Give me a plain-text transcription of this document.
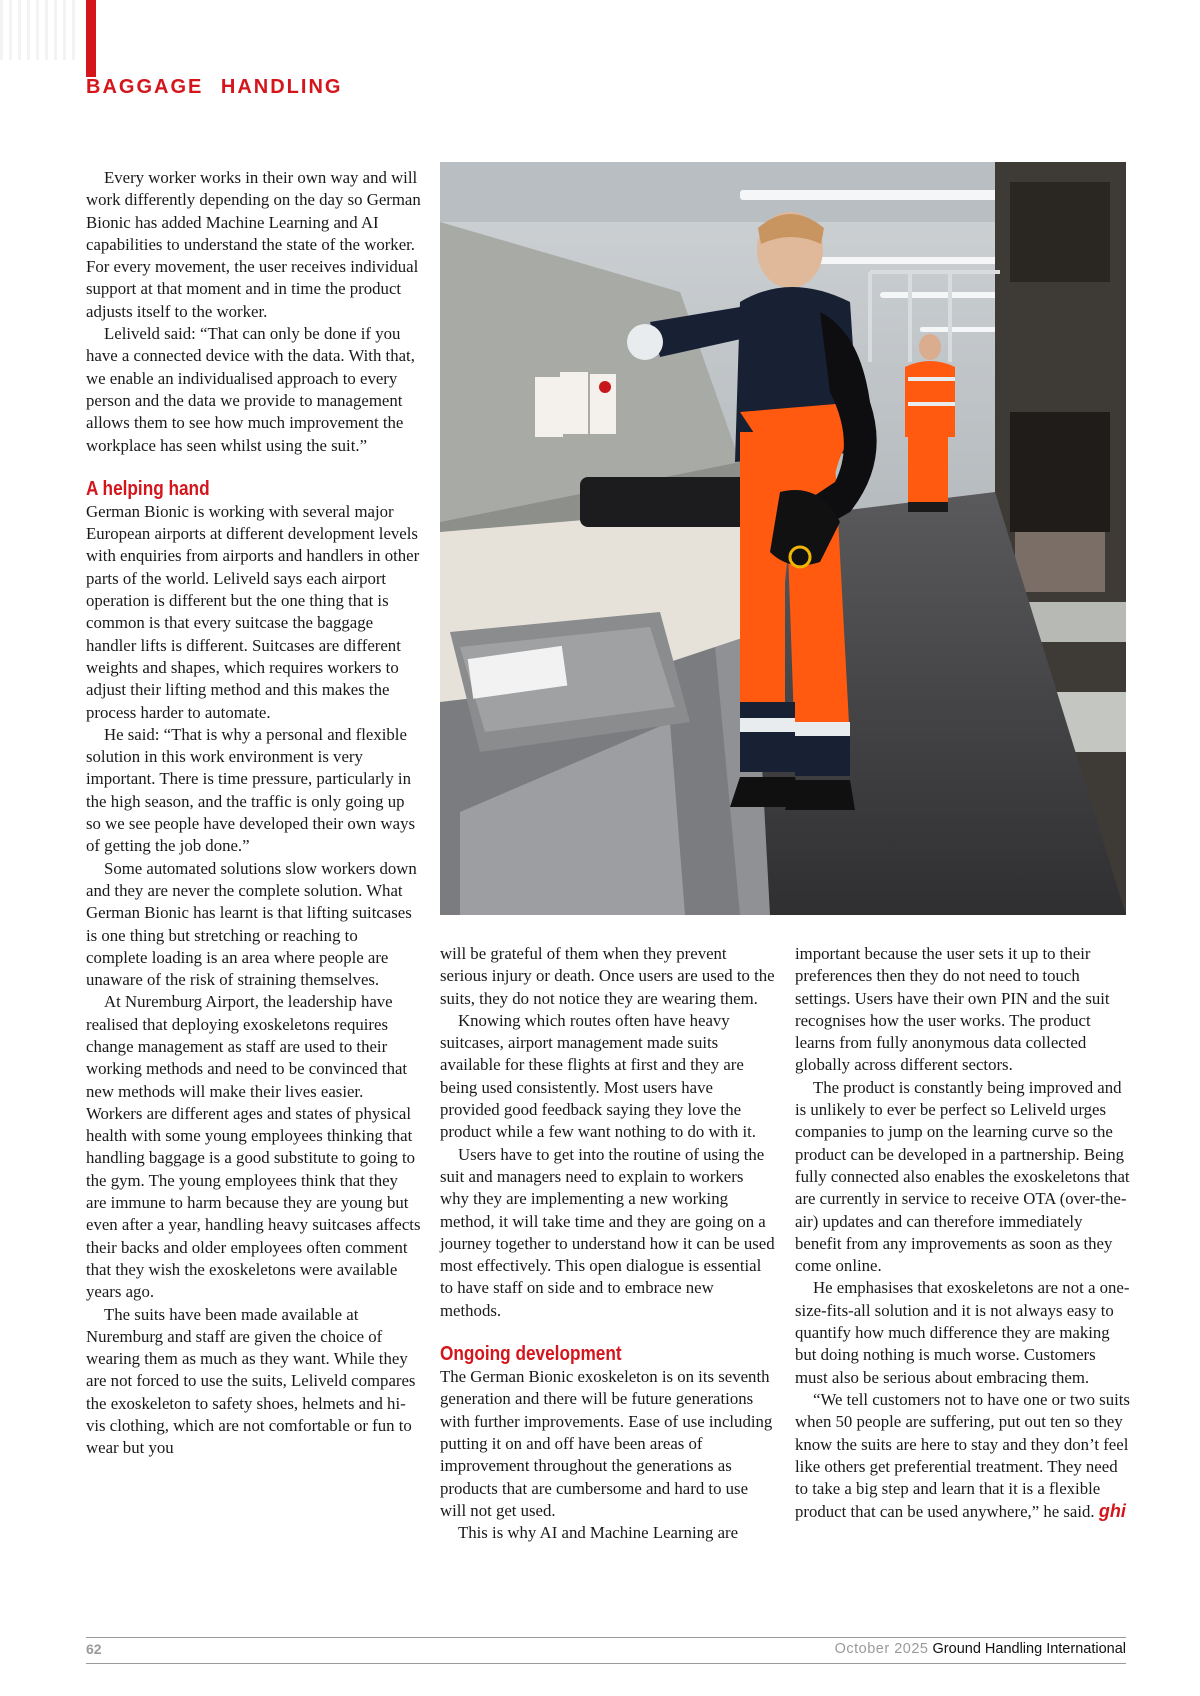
BAGGAGE HANDLING

Every worker works in their own way and will work differently depending on the day so German Bionic has added Machine Learning and AI capabilities to understand the state of the worker. For every movement, the user receives individual support at that moment and in time the product adjusts itself to the worker.

Leliveld said: “That can only be done if you have a connected device with the data. With that, we enable an individualised approach to every person and the data we provide to management allows them to see how much improvement the workplace has seen whilst using the suit.”

A helping hand

German Bionic is working with several major European airports at different development levels with enquiries from airports and handlers in other parts of the world. Leliveld says each airport operation is different but the one thing that is common is that every suitcase the baggage handler lifts is different. Suitcases are different weights and shapes, which requires workers to adjust their lifting method and this makes the process harder to automate.

He said: “That is why a personal and flexible solution in this work environment is very important. There is time pressure, particularly in the high season, and the traffic is only going up so we see people have developed their own ways of getting the job done.”

Some automated solutions slow workers down and they are never the complete solution. What German Bionic has learnt is that lifting suitcases is one thing but stretching or reaching to complete loading is an area where people are unaware of the risk of straining themselves.

At Nuremburg Airport, the leadership have realised that deploying exoskeletons requires change management as staff are used to their working methods and need to be convinced that new methods will make their lives easier. Workers are different ages and states of physical health with some young employees thinking that handling baggage is a good substitute to going to the gym. The young employees think that they are immune to harm because they are young but even after a year, handling heavy suitcases affects their backs and older employees often comment that they wish the exoskeletons were available years ago.

The suits have been made available at Nuremburg and staff are given the choice of wearing them as much as they want. While they are not forced to use the suits, Leliveld compares the exoskeleton to safety shoes, helmets and hi-vis clothing, which are not comfortable or fun to wear but you

will be grateful of them when they prevent serious injury or death. Once users are used to the suits, they do not notice they are wearing them.

Knowing which routes often have heavy suitcases, airport management made suits available for these flights at first and they are being used consistently. Most users have provided good feedback saying they love the product while a few want nothing to do with it.

Users have to get into the routine of using the suit and managers need to explain to workers why they are implementing a new working method, it will take time and they are going on a journey together to understand how it can be used most effectively. This open dialogue is essential to have staff on side and to embrace new methods.

Ongoing development

The German Bionic exoskeleton is on its seventh generation and there will be future generations with further improvements. Ease of use including putting it on and off have been areas of improvement throughout the generations as products that are cumbersome and hard to use will not get used.

This is why AI and Machine Learning are

important because the user sets it up to their preferences then they do not need to touch settings. Users have their own PIN and the suit recognises how the user works. The product learns from fully anonymous data collected globally across different sectors.

The product is constantly being improved and is unlikely to ever be perfect so Leliveld urges companies to jump on the learning curve so the product can be developed in a partnership. Being fully connected also enables the exoskeletons that are currently in service to receive OTA (over-the-air) updates and can therefore immediately benefit from any improvements as soon as they come online.

He emphasises that exoskeletons are not a one-size-fits-all solution and it is not always easy to quantify how much difference they are making but doing nothing is much worse. Customers must also be serious about embracing them.

“We tell customers not to have one or two suits when 50 people are suffering, put out ten so they know the suits are here to stay and they don’t feel like others get preferential treatment. They need to take a big step and learn that it is a flexible product that can be used anywhere,” he said. ghi

62	October 2025 Ground Handling International
